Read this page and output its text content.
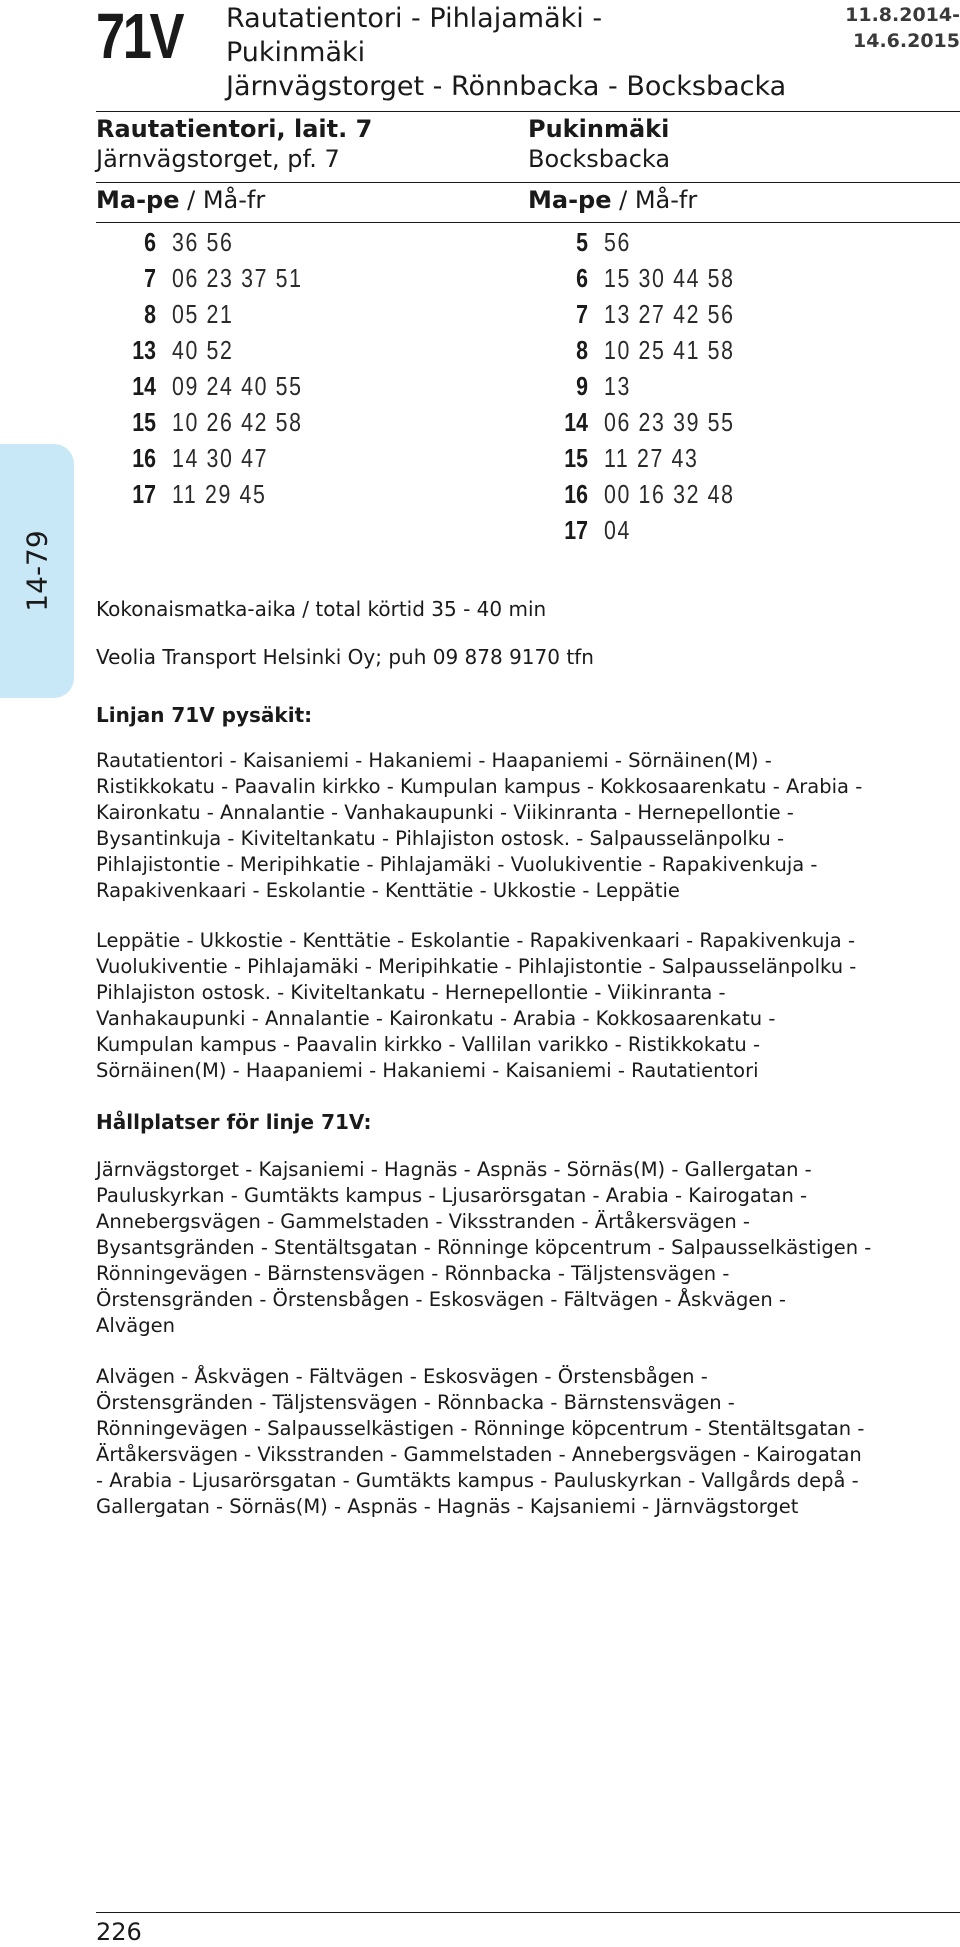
71V Rautatientori - Pihlajamäki -
Pukinmäki
Järnvägstorget - Rönnbacka - Bocksbacka
11.8.2014-14.6.2015
Rautatientori, lait. 7
Järnvägstorget, pf. 7
Pukinmäki
Bocksbacka
Ma-pe / Må-fr	Ma-pe / Må-fr
6 36 56
7 06 23 37 51
8 05 21
13 40 52
14 09 24 40 55
15 10 26 42 58
16 14 30 47
17 11 29 45
5 56
6 15 30 44 58
7 13 27 42 56
8 10 25 41 58
9 13
14 06 23 39 55
15 11 27 43
16 00 16 32 48
17 04
14-79 Kokonaismatka-aika / total körtid 35 - 40 min
Veolia Transport Helsinki Oy; puh 09 878 9170 tfn
Linjan 71V pysäkit:
Rautatientori - Kaisaniemi - Hakaniemi - Haapaniemi - Sörnäinen(M) -
Ristikkokatu - Paavalin kirkko - Kumpulan kampus - Kokkosaarenkatu - Arabia -
Kaironkatu - Annalantie - Vanhakaupunki - Viikinranta - Hernepellontie -
Bysantinkuja - Kiviteltankatu - Pihlajiston ostosk. - Salpausselänpolku -
Pihlajistontie - Meripihkatie - Pihlajamäki - Vuolukiventie - Rapakivenkuja -
Rapakivenkaari - Eskolantie - Kenttätie - Ukkostie - Leppätie
Leppätie - Ukkostie - Kenttätie - Eskolantie - Rapakivenkaari - Rapakivenkuja -
Vuolukiventie - Pihlajamäki - Meripihkatie - Pihlajistontie - Salpausselänpolku -
Pihlajiston ostosk. - Kiviteltankatu - Hernepellontie - Viikinranta -
Vanhakaupunki - Annalantie - Kaironkatu - Arabia - Kokkosaarenkatu -
Kumpulan kampus - Paavalin kirkko - Vallilan varikko - Ristikkokatu -
Sörnäinen(M) - Haapaniemi - Hakaniemi - Kaisaniemi - Rautatientori
Hållplatser för linje 71V:
Järnvägstorget - Kajsaniemi - Hagnäs - Aspnäs - Sörnäs(M) - Gallergatan -
Pauluskyrkan - Gumtäkts kampus - Ljusarörsgatan - Arabia - Kairogatan -
Annebergsvägen - Gammelstaden - Viksstranden - Ärtåkersvägen -
Bysantsgränden - Stentältsgatan - Rönninge köpcentrum - Salpausselkästigen -
Rönningevägen - Bärnstensvägen - Rönnbacka - Täljstensvägen -
Örstensgränden - Örstensbågen - Eskosvägen - Fältvägen - Åskvägen -
Alvägen
Alvägen - Åskvägen - Fältvägen - Eskosvägen - Örstensbågen -
Örstensgränden - Täljstensvägen - Rönnbacka - Bärnstensvägen -
Rönningevägen - Salpausselkästigen - Rönninge köpcentrum - Stentältsgatan -
Ärtåkersvägen - Viksstranden - Gammelstaden - Annebergsvägen - Kairogatan
- Arabia - Ljusarörsgatan - Gumtäkts kampus - Pauluskyrkan - Vallgårds depå -
Gallergatan - Sörnäs(M) - Aspnäs - Hagnäs - Kajsaniemi - Järnvägstorget
226
